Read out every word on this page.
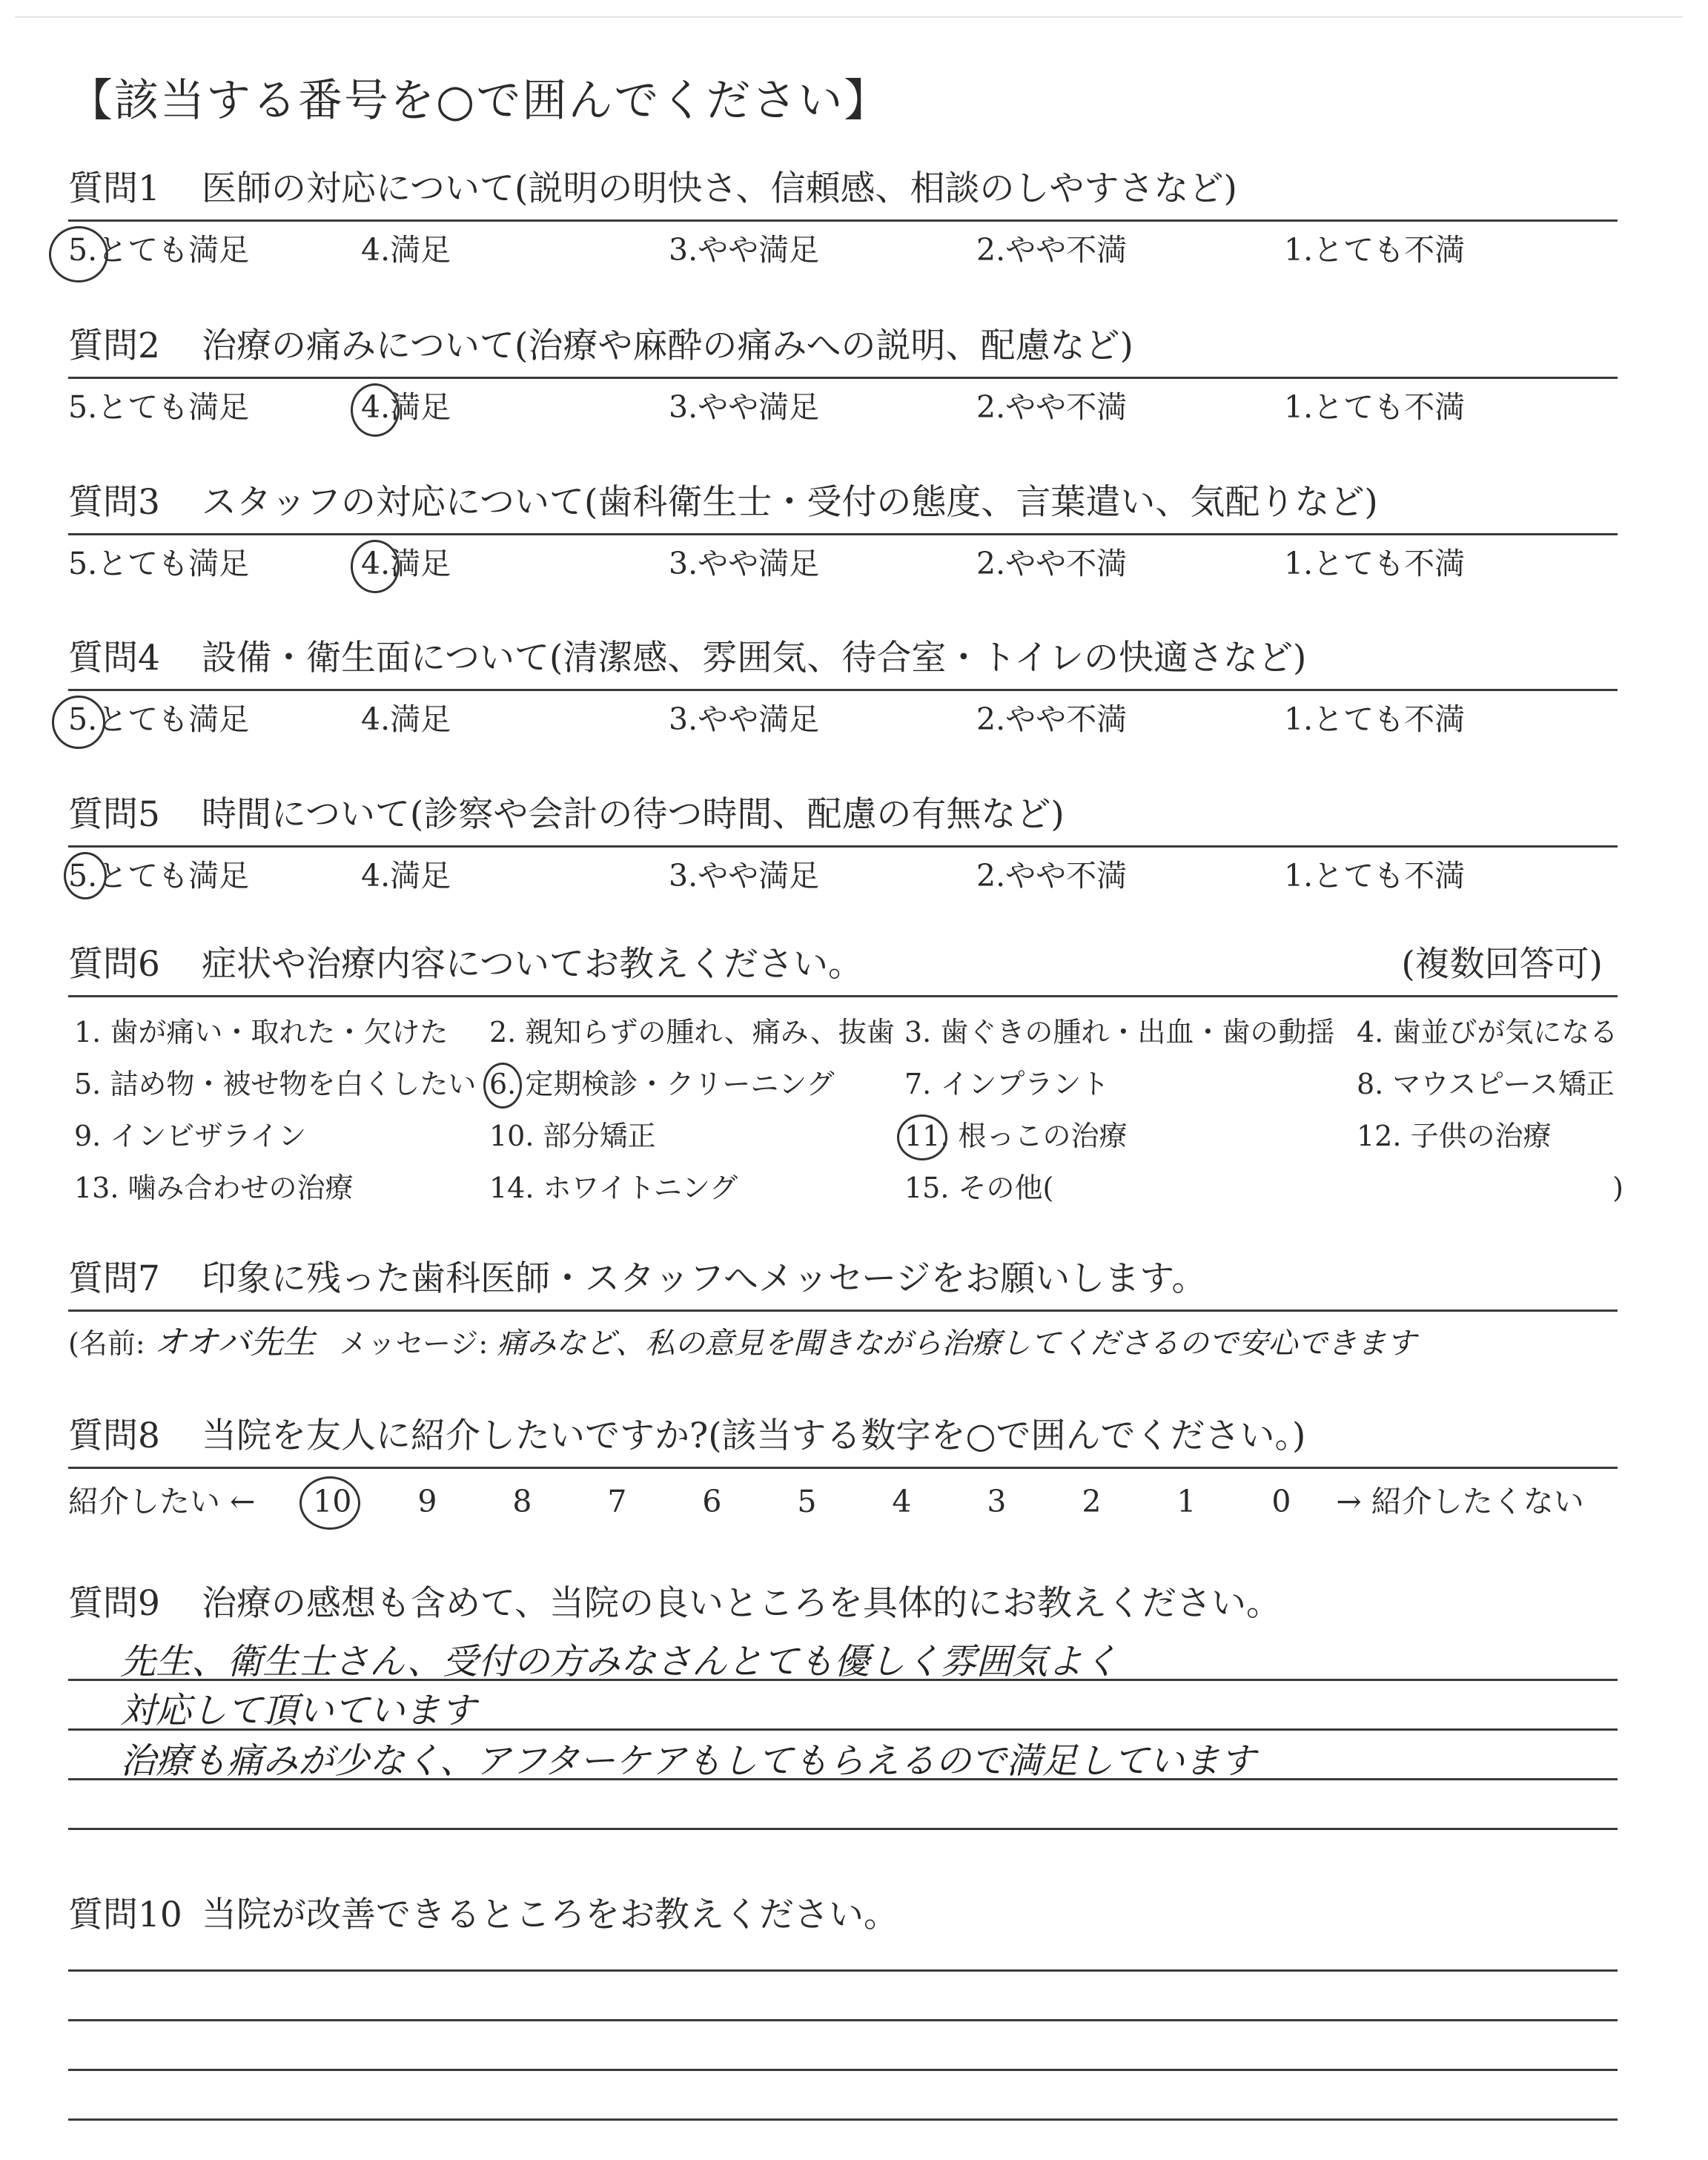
【該当する番号を○で囲んでください】
質問1 医師の対応について(説明の明快さ、信頼感、相談のしやすさなど)
5.とても満足	4.満足	3.やや満足	2.やや不満	1.とても不満
質問2 治療の痛みについて(治療や麻酔の痛みへの説明、配慮など)
5.とても満足	4.満足	3.やや満足	2.やや不満	1.とても不満
質問3 スタッフの対応について(歯科衛生士・受付の態度、言葉遣い、気配りなど)
5.とても満足	4.満足	3.やや満足	2.やや不満	1.とても不満
質問4 設備・衛生面について(清潔感、雰囲気、待合室・トイレの快適さなど)
5.とても満足	4.満足	3.やや満足	2.やや不満	1.とても不満
質問5 時間について(診察や会計の待つ時間、配慮の有無など)
5.とても満足	4.満足	3.やや満足	2.やや不満	1.とても不満
質問6 症状や治療内容についてお教えください。	(複数回答可)
1. 歯が痛い・取れた・欠けた	2. 親知らずの腫れ、痛み、抜歯 3. 歯ぐきの腫れ・出血・歯の動揺 4. 歯並びが気になる
5. 詰め物・被せ物を白くしたい 6. 定期検診・クリーニング	7. インプラント	8. マウスピース矯正
9. インビザライン	10. 部分矯正	11. 根っこの治療	12. 子供の治療
13. 噛み合わせの治療	14. ホワイトニング	15. その他(	)
質問7 印象に残った歯科医師・スタッフへメッセージをお願いします。
(名前: オオバ先生 メッセージ: 痛みなど、私の意見を聞きながら治療してくださるので安心できます
質問8 当院を友人に紹介したいですか?(該当する数字を○で囲んでください。)
紹介したい ←	10	9	8	7	6	5	4	3	2	1	0	→ 紹介したくない
質問9 治療の感想も含めて、当院の良いところを具体的にお教えください。
先生、衛生士さん、受付の方みなさんとても優しく雰囲気よく
対応して頂いています
治療も痛みが少なく、アフターケアもしてもらえるので満足しています
質問10 当院が改善できるところをお教えください。
